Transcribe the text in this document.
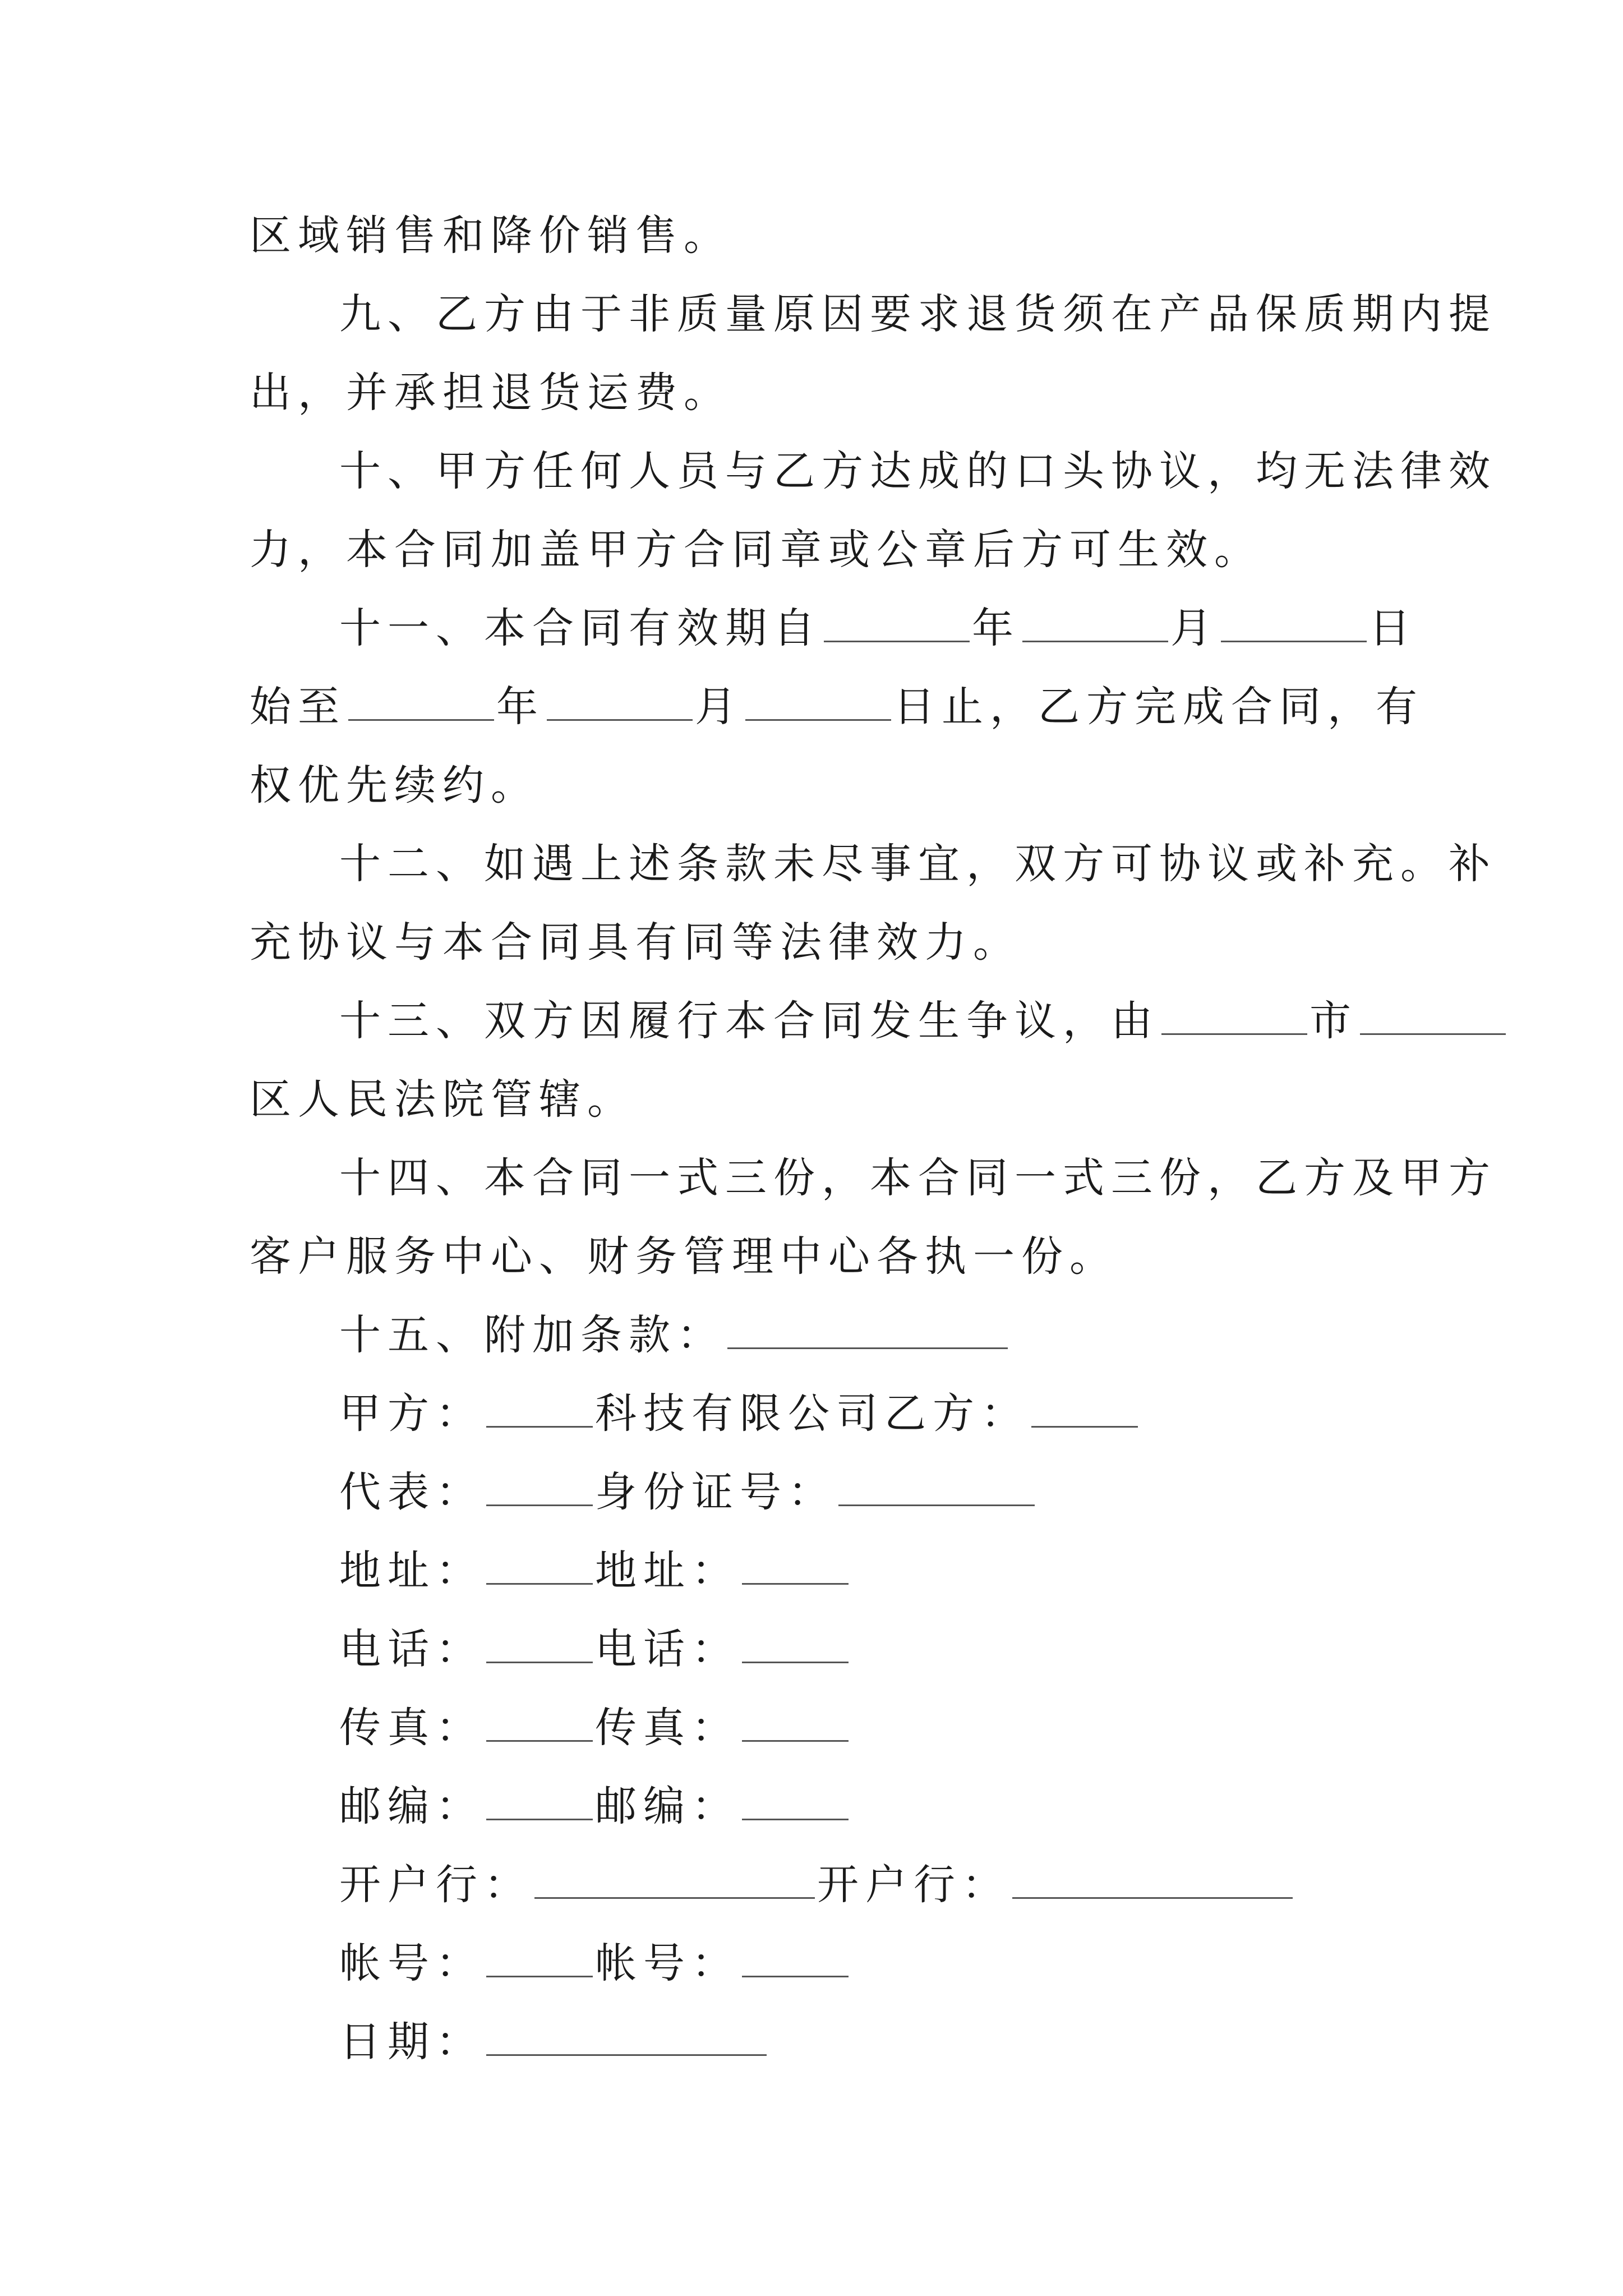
区域销售和降价销售。
九、乙方由于非质量原因要求退货须在产品保质期内提
出，并承担退货运费。
十、甲方任何人员与乙方达成的口头协议，均无法律效
力，本合同加盖甲方合同章或公章后方可生效。
十一、本合同有效期自	年	月	日
始至	年	月	日止，乙方完成合同，有
权优先续约。
十二、如遇上述条款未尽事宜，双方可协议或补充。补
充协议与本合同具有同等法律效力。
十三、双方因履行本合同发生争议，由	市
区人民法院管辖。
十四、本合同一式三份，本合同一式三份，乙方及甲方
客户服务中心、财务管理中心各执一份。
十五、附加条款：
甲方：	科技有限公司乙方：
代表：	身份证号：
地址：	地址：
电话：	电话：
传真：	传真：
邮编：	邮编：
开户行：	开户行：
帐号：	帐号：
日期：
